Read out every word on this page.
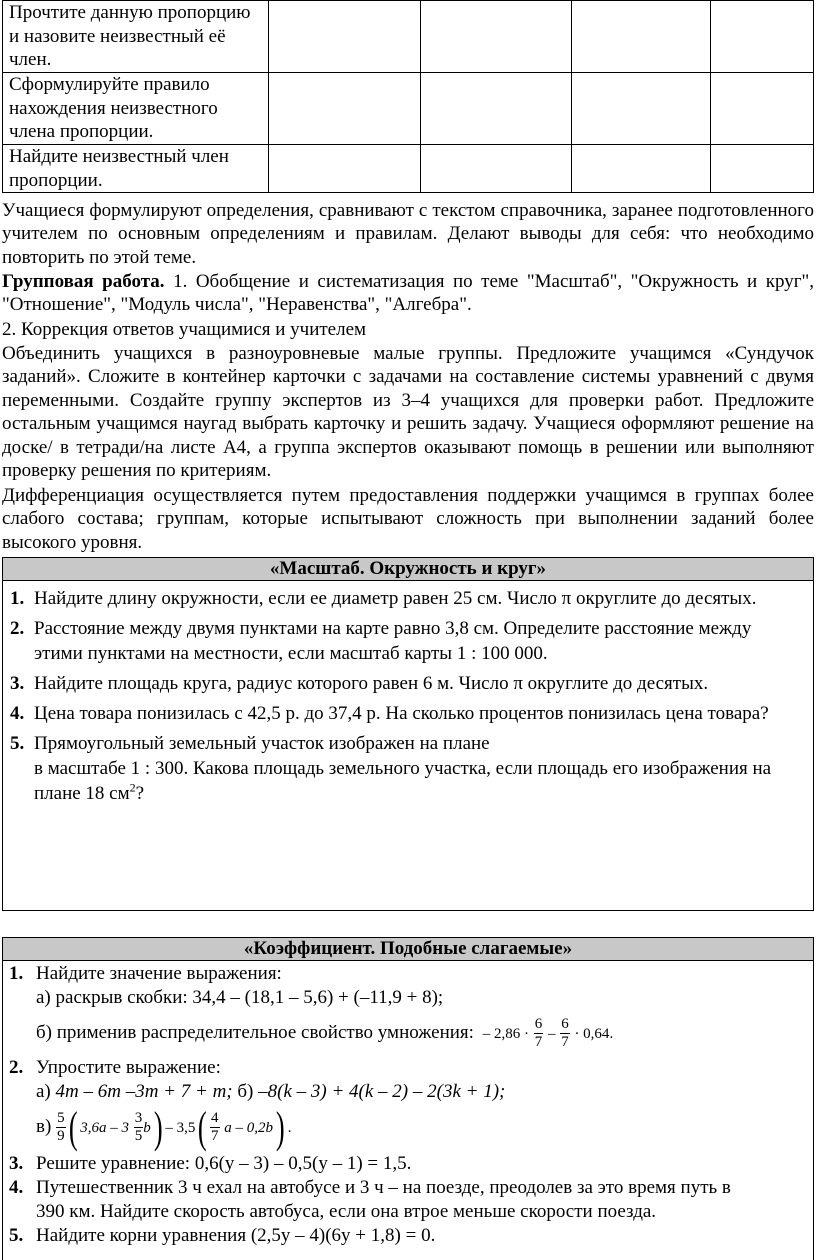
Прочтите данную пропорцию и назовите неизвестный её член.				
Сформулируйте правило нахождения неизвестного члена пропорции.				
Найдите неизвестный член пропорции.				
Учащиеся формулируют определения, сравнивают с текстом справочника, заранее подготовленного учителем по основным определениям и правилам. Делают выводы для себя: что необходимо повторить по этой теме.
Групповая работа. 1. Обобщение и систематизация по теме "Масштаб", "Окружность и круг", "Отношение", "Модуль числа", "Неравенства", "Алгебра".
2. Коррекция ответов учащимися и учителем
Объединить учащихся в разноуровневые малые группы. Предложите учащимся «Сундучок заданий». Сложите в контейнер карточки с задачами на составление системы уравнений с двумя переменными. Создайте группу экспертов из 3–4 учащихся для проверки работ. Предложите остальным учащимся наугад выбрать карточку и решить задачу. Учащиеся оформляют решение на доске/ в тетради/на листе А4, а группа экспертов оказывают помощь в решении или выполняют проверку решения по критериям.
Дифференциация осуществляется путем предоставления поддержки учащимся в группах более слабого состава; группам, которые испытывают сложность при выполнении заданий более высокого уровня.
«Масштаб. Окружность и круг»
1. Найдите длину окружности, если ее диаметр равен 25 см. Число π округлите до десятых.
2. Расстояние между двумя пунктами на карте равно 3,8 см. Определите расстояние между этими пунктами на местности, если масштаб карты 1 : 100 000.
3. Найдите площадь круга, радиус которого равен 6 м. Число π округлите до десятых.
4. Цена товара понизилась с 42,5 р. до 37,4 р. На сколько процентов понизилась цена товара?
5. Прямоугольный земельный участок изображен на плане
в масштабе 1 : 300. Какова площадь земельного участка, если площадь его изображения на плане 18 $см^2$?
«Коэффициент. Подобные слагаемые»
1. Найдите значение выражения:
а) раскрыв скобки: 34,4 – (18,1 – 5,6) + (–11,9 + 8);
б) применив распределительное свойство умножения: – $2,86 \cdot \frac{6}{7} - \frac{6}{7} \cdot 0,64$.
2. Упростите выражение:
а) 4m – 6m –3m + 7 + m; б) –8(k – 3) + 4(k – 2) – 2(3k + 1);
$в) \frac{5}{9}$ ( $3,6a - 3 \frac{3}{5} b) - 3,5( \frac{4}{7}$ a – 0,2b) .
3. Решите уравнение: 0,6(y – 3) – 0,5(y – 1) = 1,5.
4. Путешественник 3 ч ехал на автобусе и 3 ч – на поезде, преодолев за это время путь в
390 км. Найдите скорость автобуса, если она втрое меньше скорости поезда.
5. Найдите корни уравнения (2,5y – 4)(6y + 1,8) = 0.
